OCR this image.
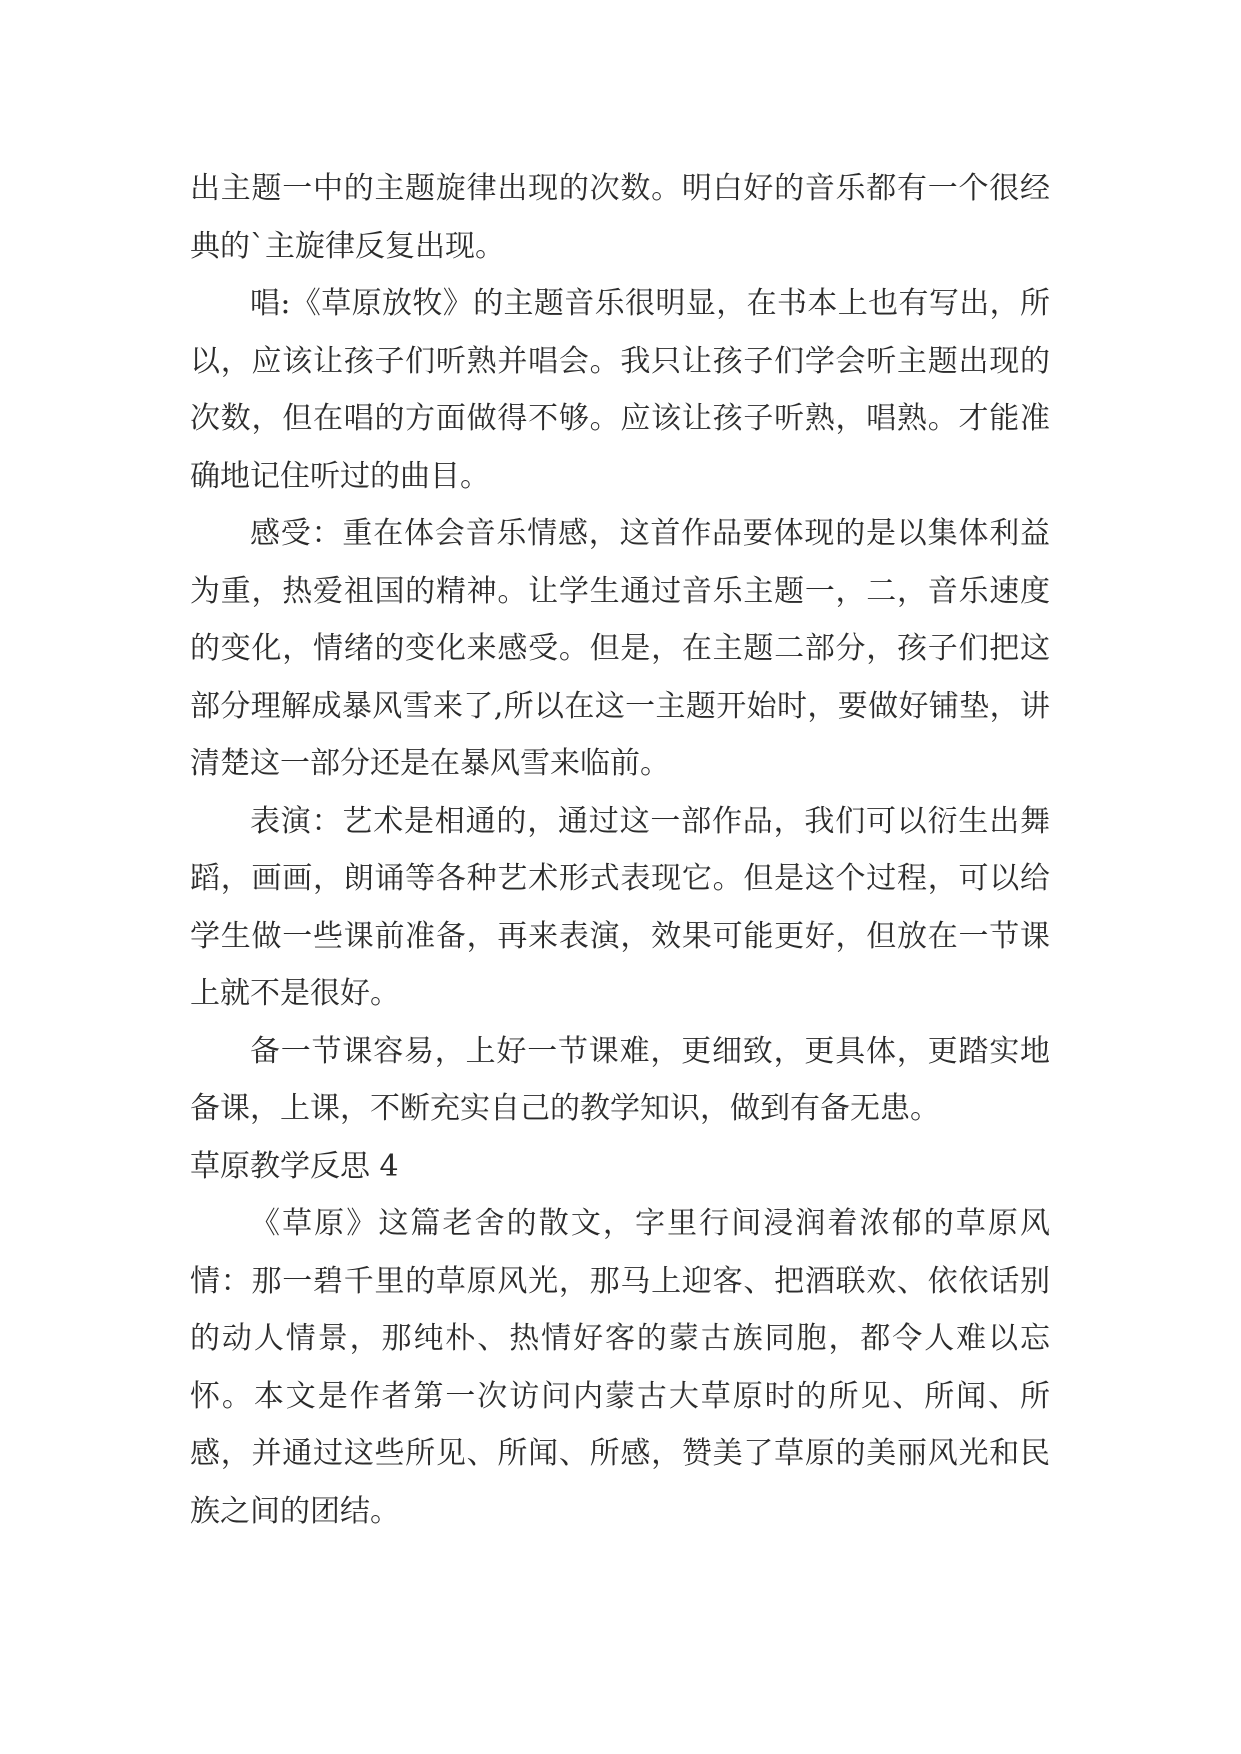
出主题一中的主题旋律出现的次数。明白好的音乐都有一个很经典的`主旋律反复出现。

唱:《草原放牧》的主题音乐很明显，在书本上也有写出，所以，应该让孩子们听熟并唱会。我只让孩子们学会听主题出现的次数，但在唱的方面做得不够。应该让孩子听熟，唱熟。才能准确地记住听过的曲目。

感受：重在体会音乐情感，这首作品要体现的是以集体利益为重，热爱祖国的精神。让学生通过音乐主题一，二，音乐速度的变化，情绪的变化来感受。但是，在主题二部分，孩子们把这部分理解成暴风雪来了,所以在这一主题开始时，要做好铺垫，讲清楚这一部分还是在暴风雪来临前。

表演：艺术是相通的，通过这一部作品，我们可以衍生出舞蹈，画画，朗诵等各种艺术形式表现它。但是这个过程，可以给学生做一些课前准备，再来表演，效果可能更好，但放在一节课上就不是很好。

备一节课容易，上好一节课难，更细致，更具体，更踏实地备课，上课，不断充实自己的教学知识，做到有备无患。

草原教学反思 4

《草原》这篇老舍的散文，字里行间浸润着浓郁的草原风情：那一碧千里的草原风光，那马上迎客、把酒联欢、依依话别的动人情景，那纯朴、热情好客的蒙古族同胞，都令人难以忘怀。本文是作者第一次访问内蒙古大草原时的所见、所闻、所感，并通过这些所见、所闻、所感，赞美了草原的美丽风光和民族之间的团结。
